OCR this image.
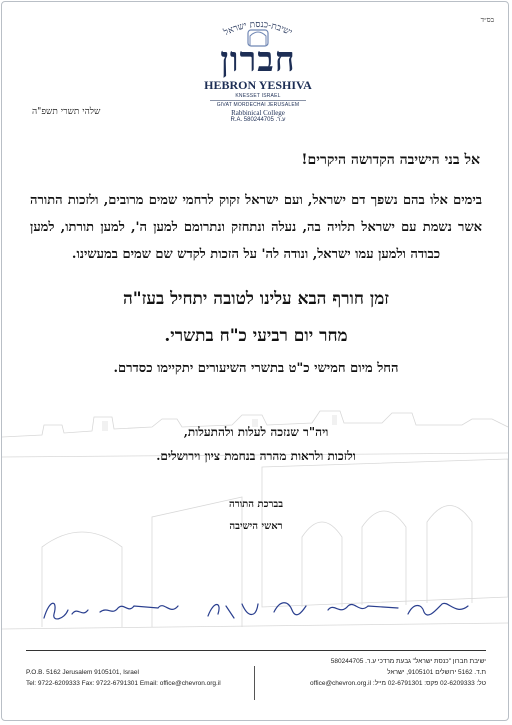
בס״ד
שלהי תשרי תשפ"ה
ישיבת-כנסת ישראל
חברון
HEBRON YESHIVA
KNESSET ISRAEL
GIVAT MORDECHAI JERUSALEM
Rabbinical College
R.A. 580244705 .ע.ר
אל בני הישיבה הקדושה היקרים!
בימים אלו בהם נשפך דם ישראל, ועם ישראל זקוק לרחמי שמים מרובים, ולזכות התורה אשר נשמת עם ישראל תלויה בה, נעלה ונתחזק ונתרומם למען ה', למען תורתו, למען כבודה ולמען עמו ישראל, ונודה לה' על הזכות לקדש שם שמים במעשינו.
זמן חורף הבא עלינו לטובה יתחיל בעז"ה
מחר יום רביעי כ"ח בתשרי.
החל מיום חמישי כ"ט בתשרי השיעורים יתקיימו כסדרם.
ויה"ר שנזכה לעלות ולהתעלות,
ולזכות ולראות מהרה בנחמת ציון וירושלים.
בברכת התורה
ראשי הישיבה
ישיבת חברון "כנסת ישראל" גבעת מרדכי ע.ר. 580244705
P.O.B. 5162 Jerusalem 9105101, Israel	ת.ד. 5162 ירושלים 9105101, ישראל
Tel: 9722-6209333 Fax: 9722-6791301 Email: office@chevron.org.il	טל: 02-6209333 פקס: 02-6791301 מייל: office@chevron.org.il
